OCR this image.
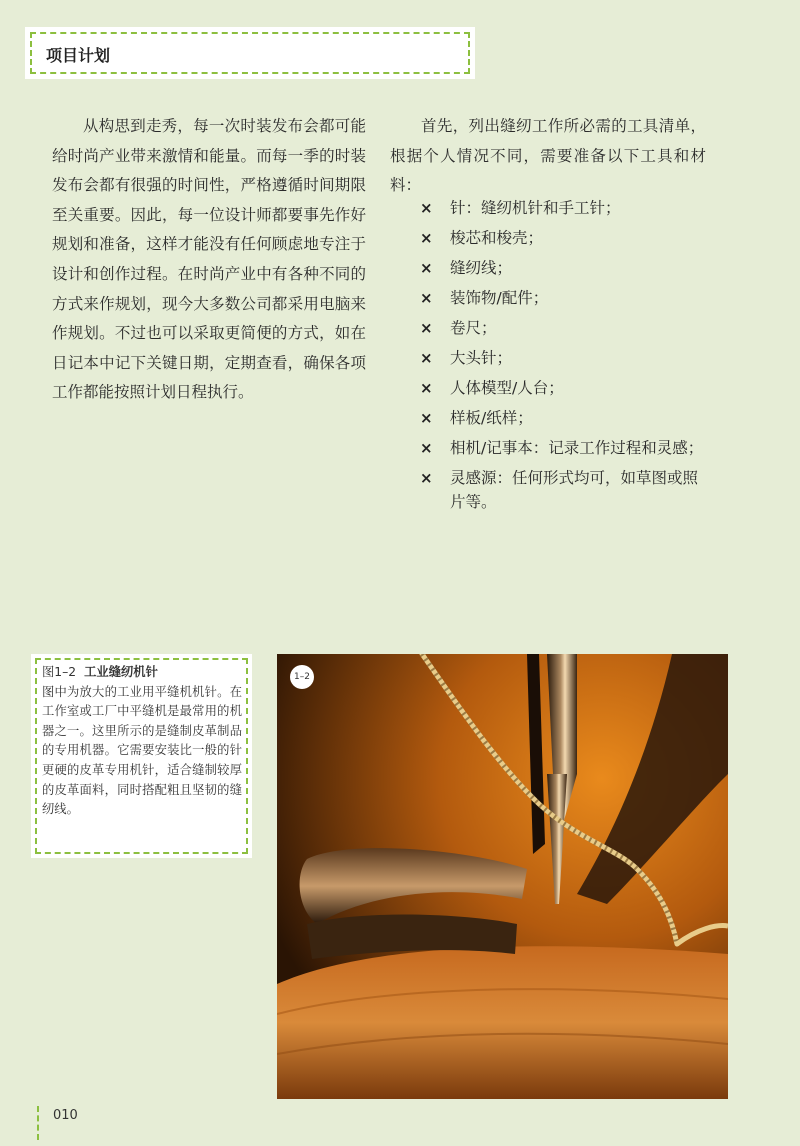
项目计划

从构思到走秀，每一次时装发布会都可能给时尚产业带来激情和能量。而每一季的时装发布会都有很强的时间性，严格遵循时间期限至关重要。因此，每一位设计师都要事先作好规划和准备，这样才能没有任何顾虑地专注于设计和创作过程。在时尚产业中有各种不同的方式来作规划，现今大多数公司都采用电脑来作规划。不过也可以采取更简便的方式，如在日记本中记下关键日期，定期查看，确保各项工作都能按照计划日程执行。

首先，列出缝纫工作所必需的工具清单，根据个人情况不同，需要准备以下工具和材料：

× 针：缝纫机针和手工针；
× 梭芯和梭壳；
× 缝纫线；
× 装饰物/配件；
× 卷尺；
× 大头针；
× 人体模型/人台；
× 样板/纸样；
× 相机/记事本：记录工作过程和灵感；
× 灵感源：任何形式均可，如草图或照片等。

图1–2 工业缝纫机针

图中为放大的工业用平缝机机针。在工作室或工厂中平缝机是最常用的机器之一。这里所示的是缝制皮革制品的专用机器。它需要安装比一般的针更硬的皮革专用机针，适合缝制较厚的皮革面料，同时搭配粗且坚韧的缝纫线。

1–2
010
